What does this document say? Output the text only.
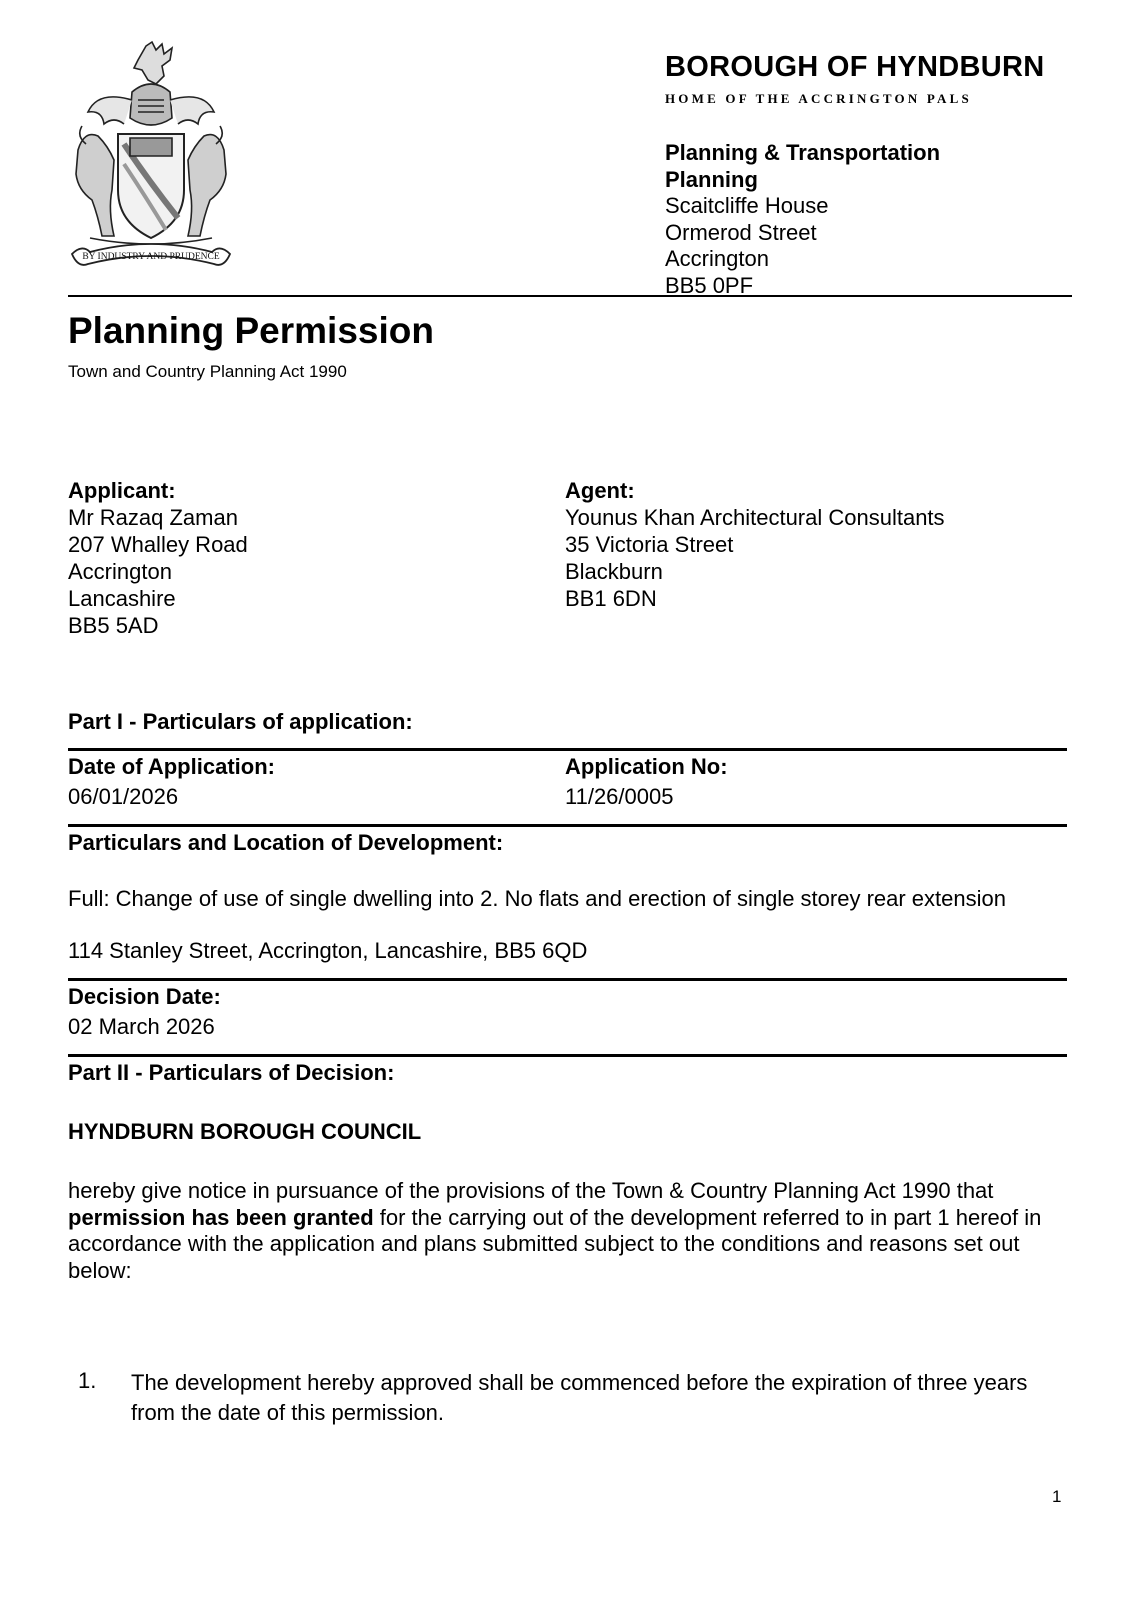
BY INDUSTRY AND PRUDENCE
BOROUGH OF HYNDBURN
HOME OF THE ACCRINGTON PALS
Planning & Transportation
Planning
Scaitcliffe House
Ormerod Street
Accrington
BB5 0PF
Planning Permission
Town and Country Planning Act 1990
Applicant:
Mr Razaq Zaman
207 Whalley Road
Accrington
Lancashire
BB5 5AD
Agent:
Younus Khan Architectural Consultants
35 Victoria Street
Blackburn
BB1 6DN
Part I - Particulars of application:
Date of Application:
06/01/2026
Application No:
11/26/0005
Particulars and Location of Development:
Full: Change of use of single dwelling into 2. No flats and erection of single storey rear extension
114 Stanley Street, Accrington, Lancashire, BB5 6QD
Decision Date:
02 March 2026
Part II - Particulars of Decision:
HYNDBURN BOROUGH COUNCIL
hereby give notice in pursuance of the provisions of the Town & Country Planning Act 1990 that permission has been granted for the carrying out of the development referred to in part 1 hereof in accordance with the application and plans submitted subject to the conditions and reasons set out below:
1. The development hereby approved shall be commenced before the expiration of three years from the date of this permission.
1
